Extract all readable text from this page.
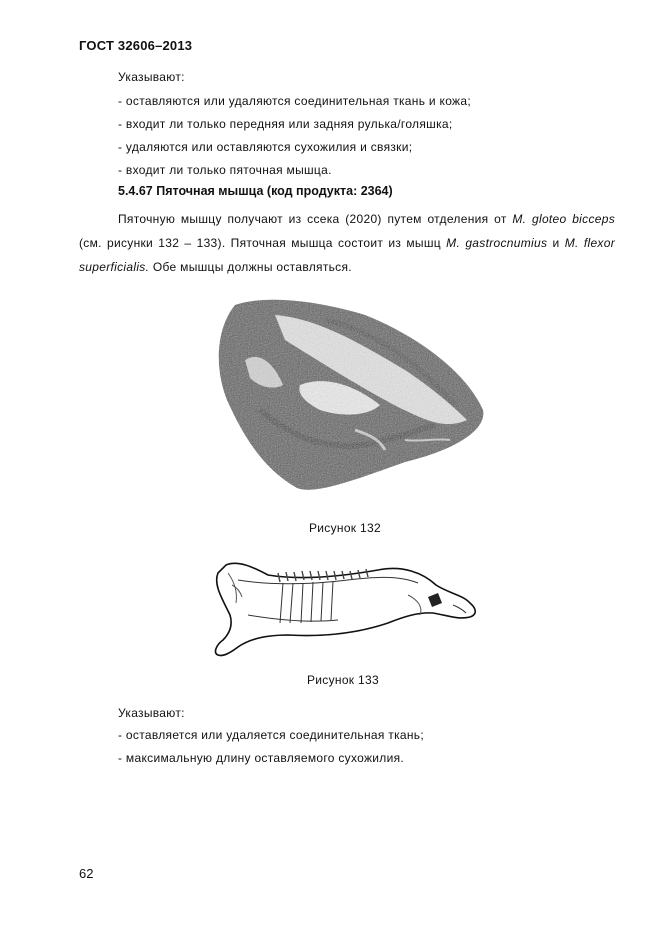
ГОСТ 32606–2013
Указывают:
- оставляются или удаляются соединительная ткань и кожа;
- входит ли только передняя или задняя рулька/голяшка;
- удаляются или оставляются сухожилия и связки;
- входит ли только пяточная мышца.
5.4.67 Пяточная мышца (код продукта: 2364)
Пяточную мышцу получают из ссека (2020) путем отделения от M. gloteo bicceps (см. рисунки 132 – 133). Пяточная мышца состоит из мышц M. gastrocnumius и M. flexor superficialis. Обе мышцы должны оставляться.
Рисунок 132
Рисунок 133
Указывают:
- оставляется или удаляется соединительная ткань;
- максимальную длину оставляемого сухожилия.
62
